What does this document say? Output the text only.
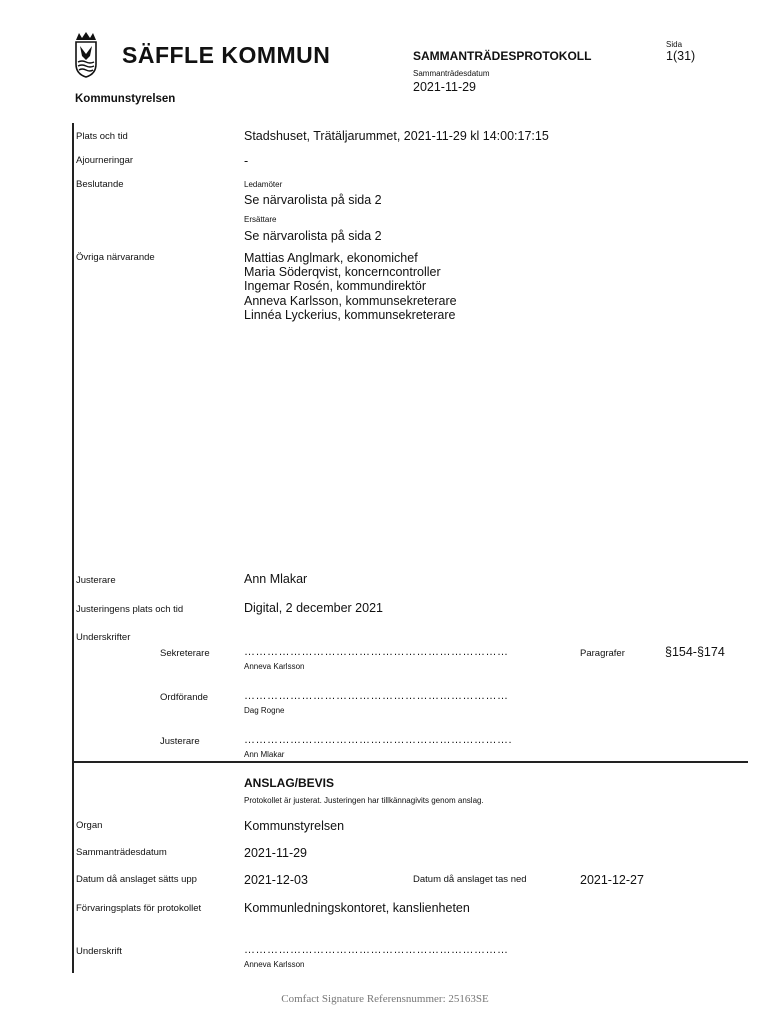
SÄFFLE KOMMUN	SAMMANTRÄDESPROTOKOLL
Sammanträdesdatum
2021-11-29
Sida
1(31)
Kommunstyrelsen
Plats och tid	Stadshuset, Trätäljarummet, 2021-11-29 kl 14:00:17:15
Ajourneringar	-
Beslutande	Ledamöter
Se närvarolista på sida 2
Ersättare
Se närvarolista på sida 2
Övriga närvarande	Mattias Anglmark, ekonomichef
Maria Söderqvist, koncerncontroller
Ingemar Rosén, kommundirektör
Anneva Karlsson, kommunsekreterare
Linnéa Lyckerius, kommunsekreterare
Justerare	Ann Mlakar
Justeringens plats och tid	Digital, 2 december 2021
Underskrifter
Sekreterare	……………………………………………………………
Anneva Karlsson
Paragrafer	§154-§174
Ordförande	……………………………………………………………
Dag Rogne
Justerare	…………………………………………………………….
Ann Mlakar
ANSLAG/BEVIS
Protokollet är justerat. Justeringen har tillkännagivits genom anslag.
Organ	Kommunstyrelsen
Sammanträdesdatum	2021-11-29
Datum då anslaget sätts upp	2021-12-03	Datum då anslaget tas ned	2021-12-27
Förvaringsplats för protokollet	Kommunledningskontoret, kanslienheten
Underskrift	……………………………………………………………
Anneva Karlsson
Comfact Signature Referensnummer: 25163SE
